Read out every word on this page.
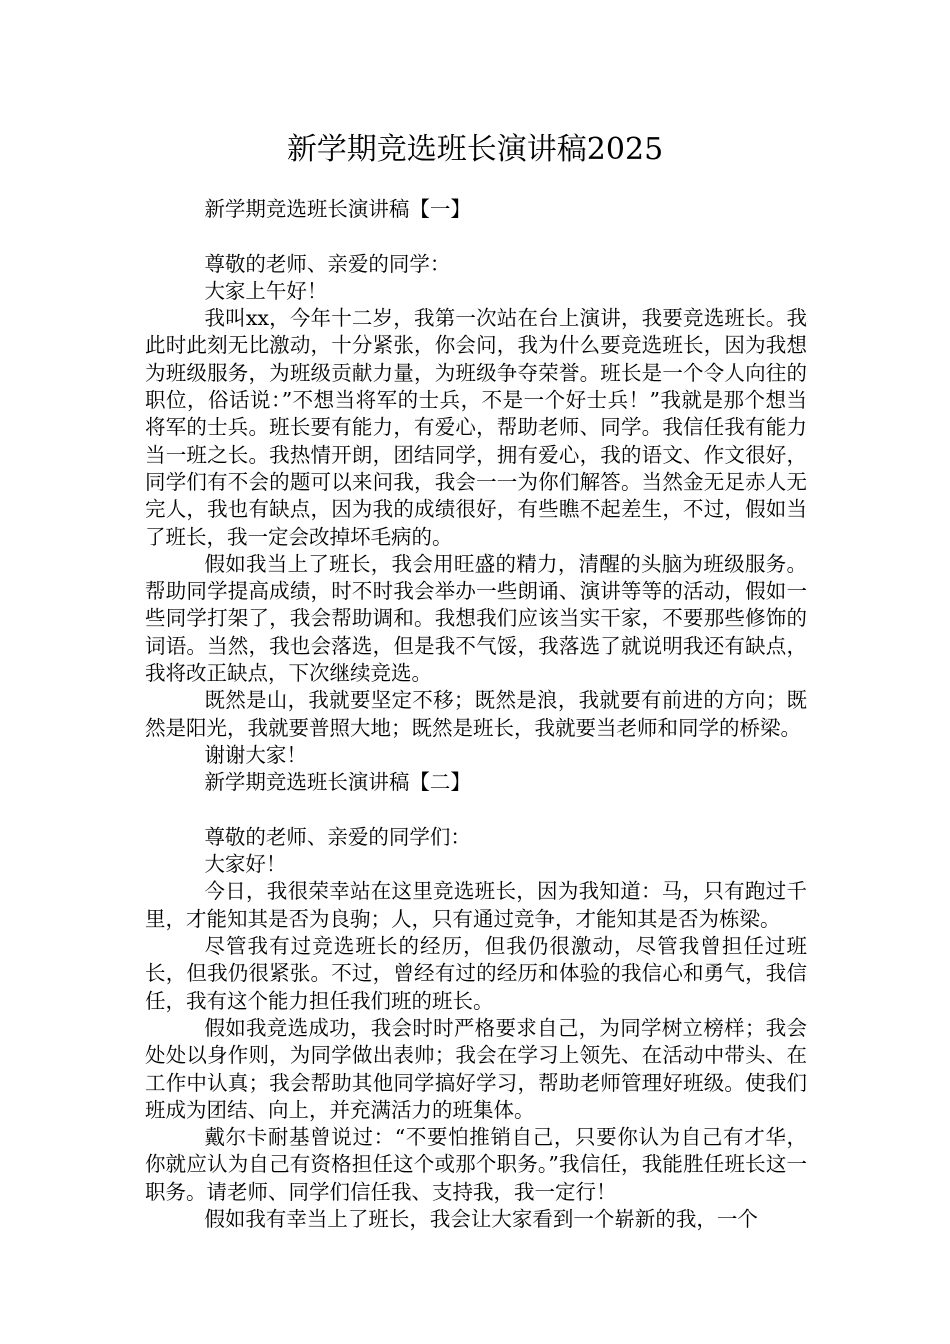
新学期竞选班长演讲稿2025

新学期竞选班长演讲稿【一】

尊敬的老师、亲爱的同学：

大家上午好！

我叫xx，今年十二岁，我第一次站在台上演讲，我要竞选班长。我此时此刻无比激动，十分紧张，你会问，我为什么要竞选班长，因为我想为班级服务，为班级贡献力量，为班级争夺荣誉。班长是一个令人向往的职位，俗话说：”不想当将军的士兵，不是一个好士兵！”我就是那个想当将军的士兵。班长要有能力，有爱心，帮助老师、同学。我信任我有能力当一班之长。我热情开朗，团结同学，拥有爱心，我的语文、作文很好，同学们有不会的题可以来问我，我会一一为你们解答。当然金无足赤人无完人，我也有缺点，因为我的成绩很好，有些瞧不起差生，不过，假如当了班长，我一定会改掉坏毛病的。

假如我当上了班长，我会用旺盛的精力，清醒的头脑为班级服务。帮助同学提高成绩，时不时我会举办一些朗诵、演讲等等的活动，假如一些同学打架了，我会帮助调和。我想我们应该当实干家，不要那些修饰的词语。当然，我也会落选，但是我不气馁，我落选了就说明我还有缺点，我将改正缺点，下次继续竞选。

既然是山，我就要坚定不移；既然是浪，我就要有前进的方向；既然是阳光，我就要普照大地；既然是班长，我就要当老师和同学的桥梁。

谢谢大家！

新学期竞选班长演讲稿【二】

尊敬的老师、亲爱的同学们：

大家好！

今日，我很荣幸站在这里竞选班长，因为我知道：马，只有跑过千里，才能知其是否为良驹；人，只有通过竞争，才能知其是否为栋梁。

尽管我有过竞选班长的经历，但我仍很激动，尽管我曾担任过班长，但我仍很紧张。不过，曾经有过的经历和体验的我信心和勇气，我信任，我有这个能力担任我们班的班长。

假如我竞选成功，我会时时严格要求自己，为同学树立榜样；我会处处以身作则，为同学做出表帅；我会在学习上领先、在活动中带头、在工作中认真；我会帮助其他同学搞好学习，帮助老师管理好班级。使我们班成为团结、向上，并充满活力的班集体。

戴尔卡耐基曾说过：“不要怕推销自己，只要你认为自己有才华，你就应认为自己有资格担任这个或那个职务。”我信任，我能胜任班长这一职务。请老师、同学们信任我、支持我，我一定行！

假如我有幸当上了班长，我会让大家看到一个崭新的我，一个
